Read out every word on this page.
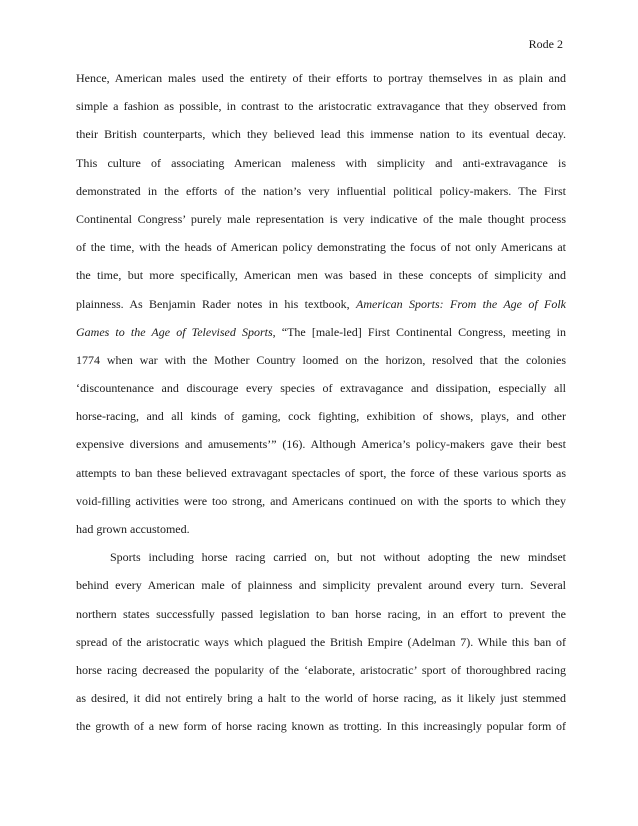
Rode 2
Hence, American males used the entirety of their efforts to portray themselves in as plain and
simple a fashion as possible, in contrast to the aristocratic extravagance that they observed from
their British counterparts, which they believed lead this immense nation to its eventual decay.
This culture of associating American maleness with simplicity and anti-extravagance is
demonstrated in the efforts of the nation’s very influential political policy-makers. The First
Continental Congress’ purely male representation is very indicative of the male thought process
of the time, with the heads of American policy demonstrating the focus of not only Americans at
the time, but more specifically, American men was based in these concepts of simplicity and
plainness. As Benjamin Rader notes in his textbook, American Sports: From the Age of Folk
Games to the Age of Televised Sports, “The [male-led] First Continental Congress, meeting in
1774 when war with the Mother Country loomed on the horizon, resolved that the colonies
‘discountenance and discourage every species of extravagance and dissipation, especially all
horse-racing, and all kinds of gaming, cock fighting, exhibition of shows, plays, and other
expensive diversions and amusements’” (16). Although America’s policy-makers gave their best
attempts to ban these believed extravagant spectacles of sport, the force of these various sports as
void-filling activities were too strong, and Americans continued on with the sports to which they
had grown accustomed.
Sports including horse racing carried on, but not without adopting the new mindset
behind every American male of plainness and simplicity prevalent around every turn. Several
northern states successfully passed legislation to ban horse racing, in an effort to prevent the
spread of the aristocratic ways which plagued the British Empire (Adelman 7). While this ban of
horse racing decreased the popularity of the ‘elaborate, aristocratic’ sport of thoroughbred racing
as desired, it did not entirely bring a halt to the world of horse racing, as it likely just stemmed
the growth of a new form of horse racing known as trotting. In this increasingly popular form of
